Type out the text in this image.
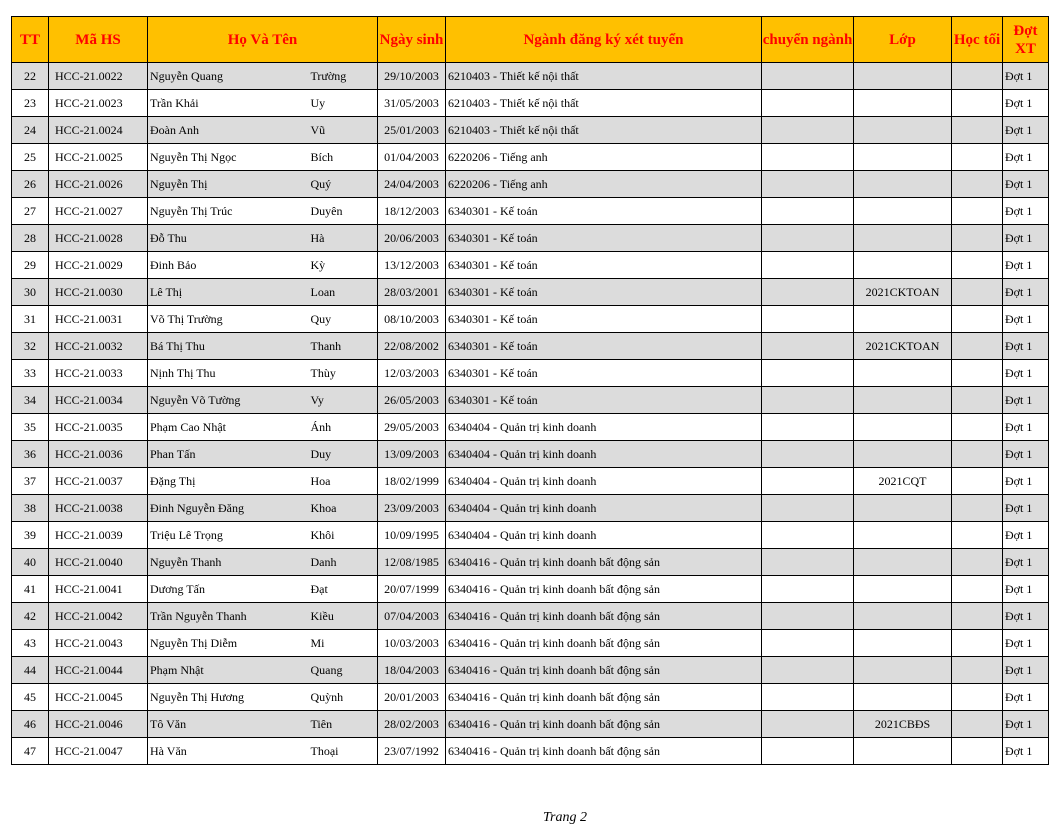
TT	Mã HS	Họ Và Tên		Ngày sinh	Ngành đăng ký xét tuyển	chuyển ngành	Lớp	Học tối	Đợt XT
22	HCC-21.0022	Nguyễn Quang	Trường	29/10/2003	6210403 - Thiết kế nội thất				Đợt 1
23	HCC-21.0023	Trần Khải	Uy	31/05/2003	6210403 - Thiết kế nội thất				Đợt 1
24	HCC-21.0024	Đoàn Anh	Vũ	25/01/2003	6210403 - Thiết kế nội thất				Đợt 1
25	HCC-21.0025	Nguyễn Thị Ngọc	Bích	01/04/2003	6220206 - Tiếng anh				Đợt 1
26	HCC-21.0026	Nguyễn Thị	Quý	24/04/2003	6220206 - Tiếng anh				Đợt 1
27	HCC-21.0027	Nguyễn Thị Trúc	Duyên	18/12/2003	6340301 - Kế toán				Đợt 1
28	HCC-21.0028	Đỗ Thu	Hà	20/06/2003	6340301 - Kế toán				Đợt 1
29	HCC-21.0029	Đinh Bảo	Kỳ	13/12/2003	6340301 - Kế toán				Đợt 1
30	HCC-21.0030	Lê Thị	Loan	28/03/2001	6340301 - Kế toán		2021CKTOAN		Đợt 1
31	HCC-21.0031	Võ Thị Trường	Quy	08/10/2003	6340301 - Kế toán				Đợt 1
32	HCC-21.0032	Bá Thị Thu	Thanh	22/08/2002	6340301 - Kế toán		2021CKTOAN		Đợt 1
33	HCC-21.0033	Nịnh Thị Thu	Thùy	12/03/2003	6340301 - Kế toán				Đợt 1
34	HCC-21.0034	Nguyễn Võ Tường	Vy	26/05/2003	6340301 - Kế toán				Đợt 1
35	HCC-21.0035	Phạm Cao Nhật	Ánh	29/05/2003	6340404 - Quản trị kinh doanh				Đợt 1
36	HCC-21.0036	Phan Tấn	Duy	13/09/2003	6340404 - Quản trị kinh doanh				Đợt 1
37	HCC-21.0037	Đặng Thị	Hoa	18/02/1999	6340404 - Quản trị kinh doanh		2021CQT		Đợt 1
38	HCC-21.0038	Đinh Nguyễn Đăng	Khoa	23/09/2003	6340404 - Quản trị kinh doanh				Đợt 1
39	HCC-21.0039	Triệu Lê Trọng	Khôi	10/09/1995	6340404 - Quản trị kinh doanh				Đợt 1
40	HCC-21.0040	Nguyễn Thanh	Danh	12/08/1985	6340416 - Quản trị kinh doanh bất động sản				Đợt 1
41	HCC-21.0041	Dương Tấn	Đạt	20/07/1999	6340416 - Quản trị kinh doanh bất động sản				Đợt 1
42	HCC-21.0042	Trần Nguyễn Thanh	Kiều	07/04/2003	6340416 - Quản trị kinh doanh bất động sản				Đợt 1
43	HCC-21.0043	Nguyễn Thị Diễm	Mi	10/03/2003	6340416 - Quản trị kinh doanh bất động sản				Đợt 1
44	HCC-21.0044	Phạm Nhật	Quang	18/04/2003	6340416 - Quản trị kinh doanh bất động sản				Đợt 1
45	HCC-21.0045	Nguyễn Thị Hương	Quỳnh	20/01/2003	6340416 - Quản trị kinh doanh bất động sản				Đợt 1
46	HCC-21.0046	Tô Văn	Tiên	28/02/2003	6340416 - Quản trị kinh doanh bất động sản		2021CBĐS		Đợt 1
47	HCC-21.0047	Hà Văn	Thoại	23/07/1992	6340416 - Quản trị kinh doanh bất động sản				Đợt 1
Trang 2
